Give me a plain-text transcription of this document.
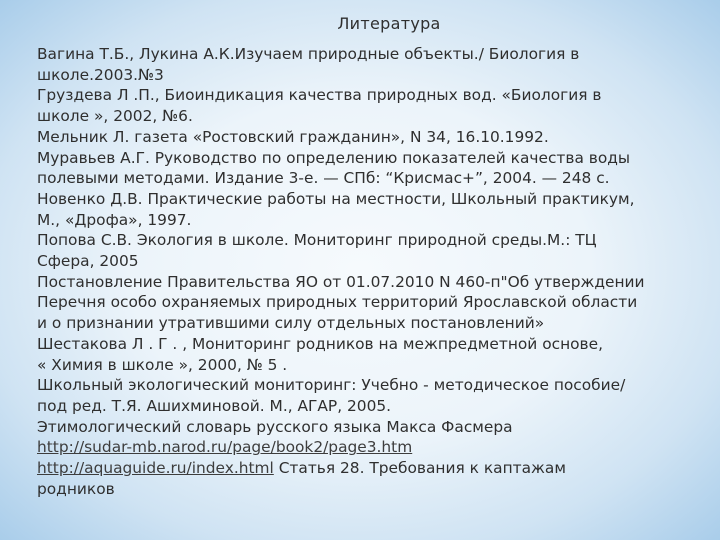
Литература
Вагина Т.Б., Лукина А.К.Изучаем природные объекты./ Биология в
школе.2003.№3
Груздева Л .П., Биоиндикация качества природных вод. «Биология в
школе », 2002, №6.
Мельник Л. газета «Ростовский гражданин», N 34, 16.10.1992.
Муравьев А.Г. Руководство по определению показателей качества воды
полевыми методами. Издание 3-е. — СПб: “Крисмас+”, 2004. — 248 с.
Новенко Д.В. Практические работы на местности, Школьный практикум,
М., «Дрофа», 1997.
Попова С.В. Экология в школе. Мониторинг природной среды.М.: ТЦ
Сфера, 2005
Постановление Правительства ЯО от 01.07.2010 N 460-п"Об утверждении
Перечня особо охраняемых природных территорий Ярославской области
и о признании утратившими силу отдельных постановлений»
Шестакова Л . Г . , Мониторинг родников на межпредметной основе,
« Химия в школе », 2000, № 5 .
Школьный экологический мониторинг: Учебно - методическое пособие/
под ред. Т.Я. Ашихминовой. М., АГАР, 2005.
Этимологический словарь русского языка Макса Фасмера
http://sudar-mb.narod.ru/page/book2/page3.htm
http://aquaguide.ru/index.html Статья 28. Требования к каптажам
родников
